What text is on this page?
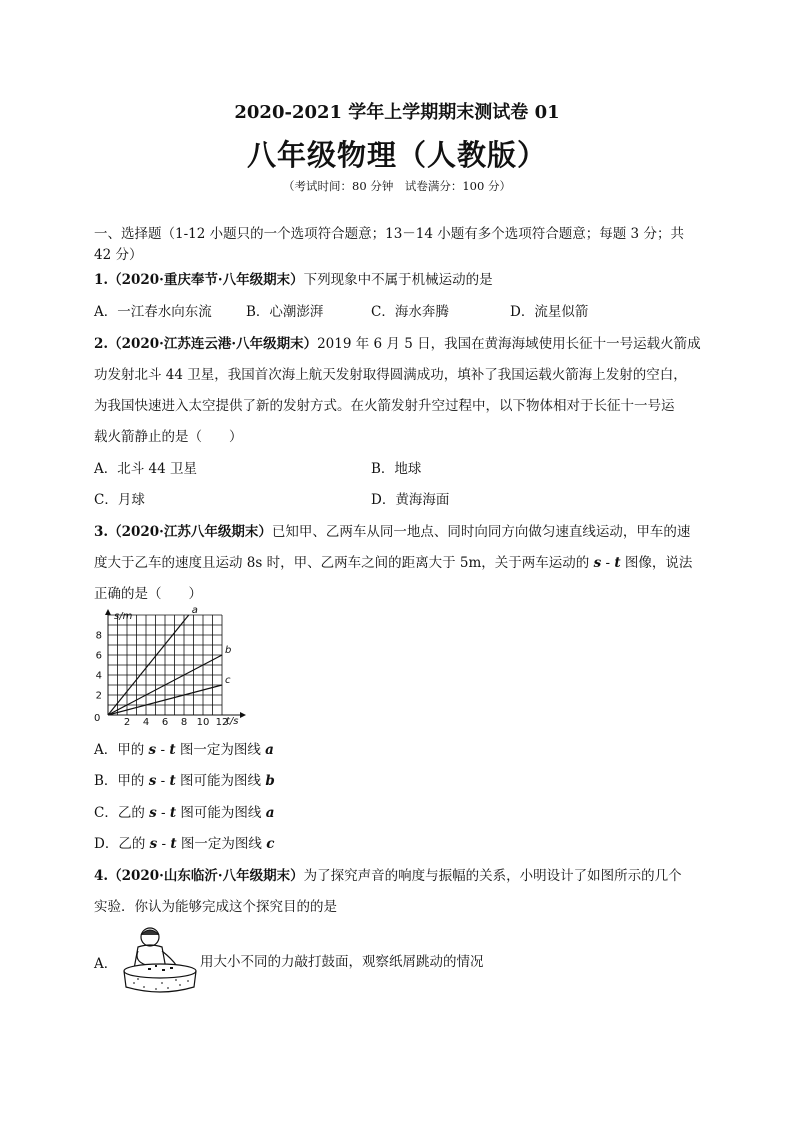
2020-2021 学年上学期期末测试卷 01
八年级物理（人教版）
（考试时间：80 分钟　试卷满分：100 分）
一、选择题（1-12 小题只的一个选项符合题意；13－14 小题有多个选项符合题意；每题 3 分；共
42 分）
1.（2020·重庆奉节·八年级期末）下列现象中不属于机械运动的是
A．一江春水向东流	B．心潮澎湃	C．海水奔腾	D．流星似箭
2.（2020·江苏连云港·八年级期末）2019 年 6 月 5 日，我国在黄海海域使用长征十一号运载火箭成
功发射北斗 44 卫星，我国首次海上航天发射取得圆满成功，填补了我国运载火箭海上发射的空白，
为我国快速进入太空提供了新的发射方式。在火箭发射升空过程中，以下物体相对于长征十一号运
载火箭静止的是（　　）
A．北斗 44 卫星	B．地球
C．月球	D．黄海海面
3.（2020·江苏八年级期末）已知甲、乙两车从同一地点、同时向同方向做匀速直线运动，甲车的速
度大于乙车的速度且运动 8s 时，甲、乙两车之间的距离大于 5m，关于两车运动的 s - t 图像，说法
正确的是（　　）
2 4 6 8 10 12
2
4
6
8
a
b
c
0	t/s
s/m
A．甲的 s - t 图一定为图线 a
B．甲的 s - t 图可能为图线 b
C．乙的 s - t 图可能为图线 a
D．乙的 s - t 图一定为图线 c
4.（2020·山东临沂·八年级期末）为了探究声音的响度与振幅的关系，小明设计了如图所示的几个
实验．你认为能够完成这个探究目的的是
A．	用大小不同的力敲打鼓面，观察纸屑跳动的情况
